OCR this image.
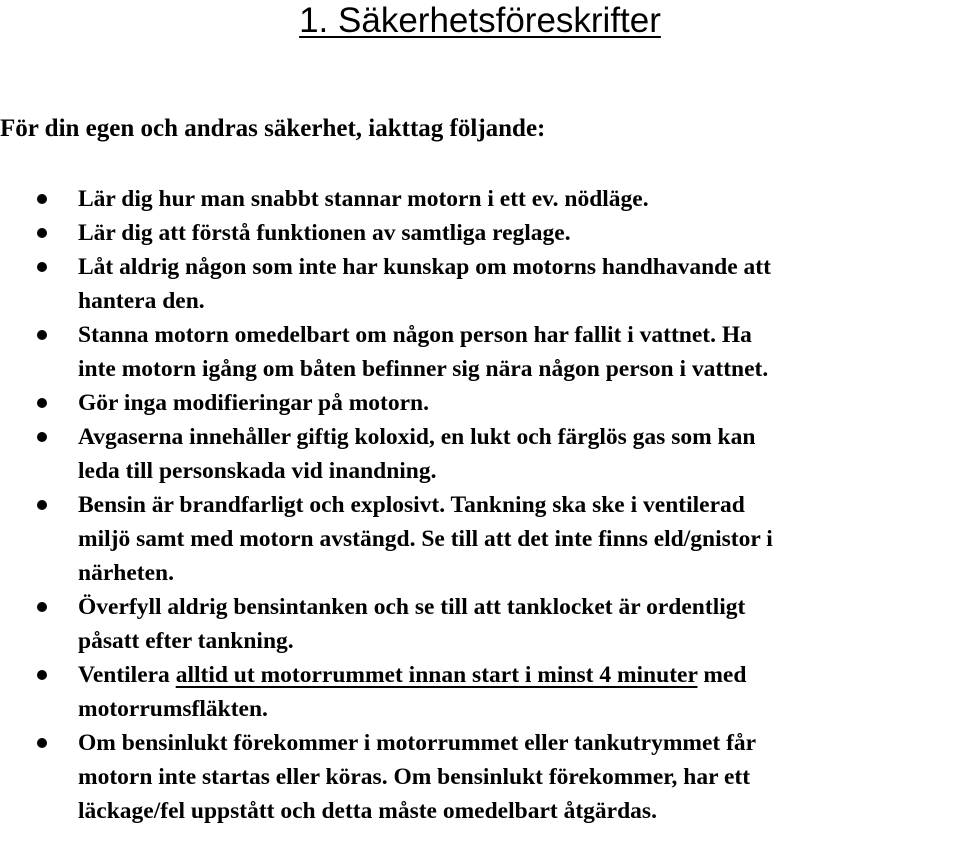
1. Säkerhetsföreskrifter
För din egen och andras säkerhet, iakttag följande:
Lär dig hur man snabbt stannar motorn i ett ev. nödläge.
Lär dig att förstå funktionen av samtliga reglage.
Låt aldrig någon som inte har kunskap om motorns handhavande att
hantera den.
Stanna motorn omedelbart om någon person har fallit i vattnet. Ha
inte motorn igång om båten befinner sig nära någon person i vattnet.
Gör inga modifieringar på motorn.
Avgaserna innehåller giftig koloxid, en lukt och färglös gas som kan
leda till personskada vid inandning.
Bensin är brandfarligt och explosivt. Tankning ska ske i ventilerad
miljö samt med motorn avstängd. Se till att det inte finns eld/gnistor i
närheten.
Överfyll aldrig bensintanken och se till att tanklocket är ordentligt
påsatt efter tankning.
Ventilera alltid ut motorrummet innan start i minst 4 minuter med
motorrumsfläkten.
Om bensinlukt förekommer i motorrummet eller tankutrymmet får
motorn inte startas eller köras. Om bensinlukt förekommer, har ett
läckage/fel uppstått och detta måste omedelbart åtgärdas.
